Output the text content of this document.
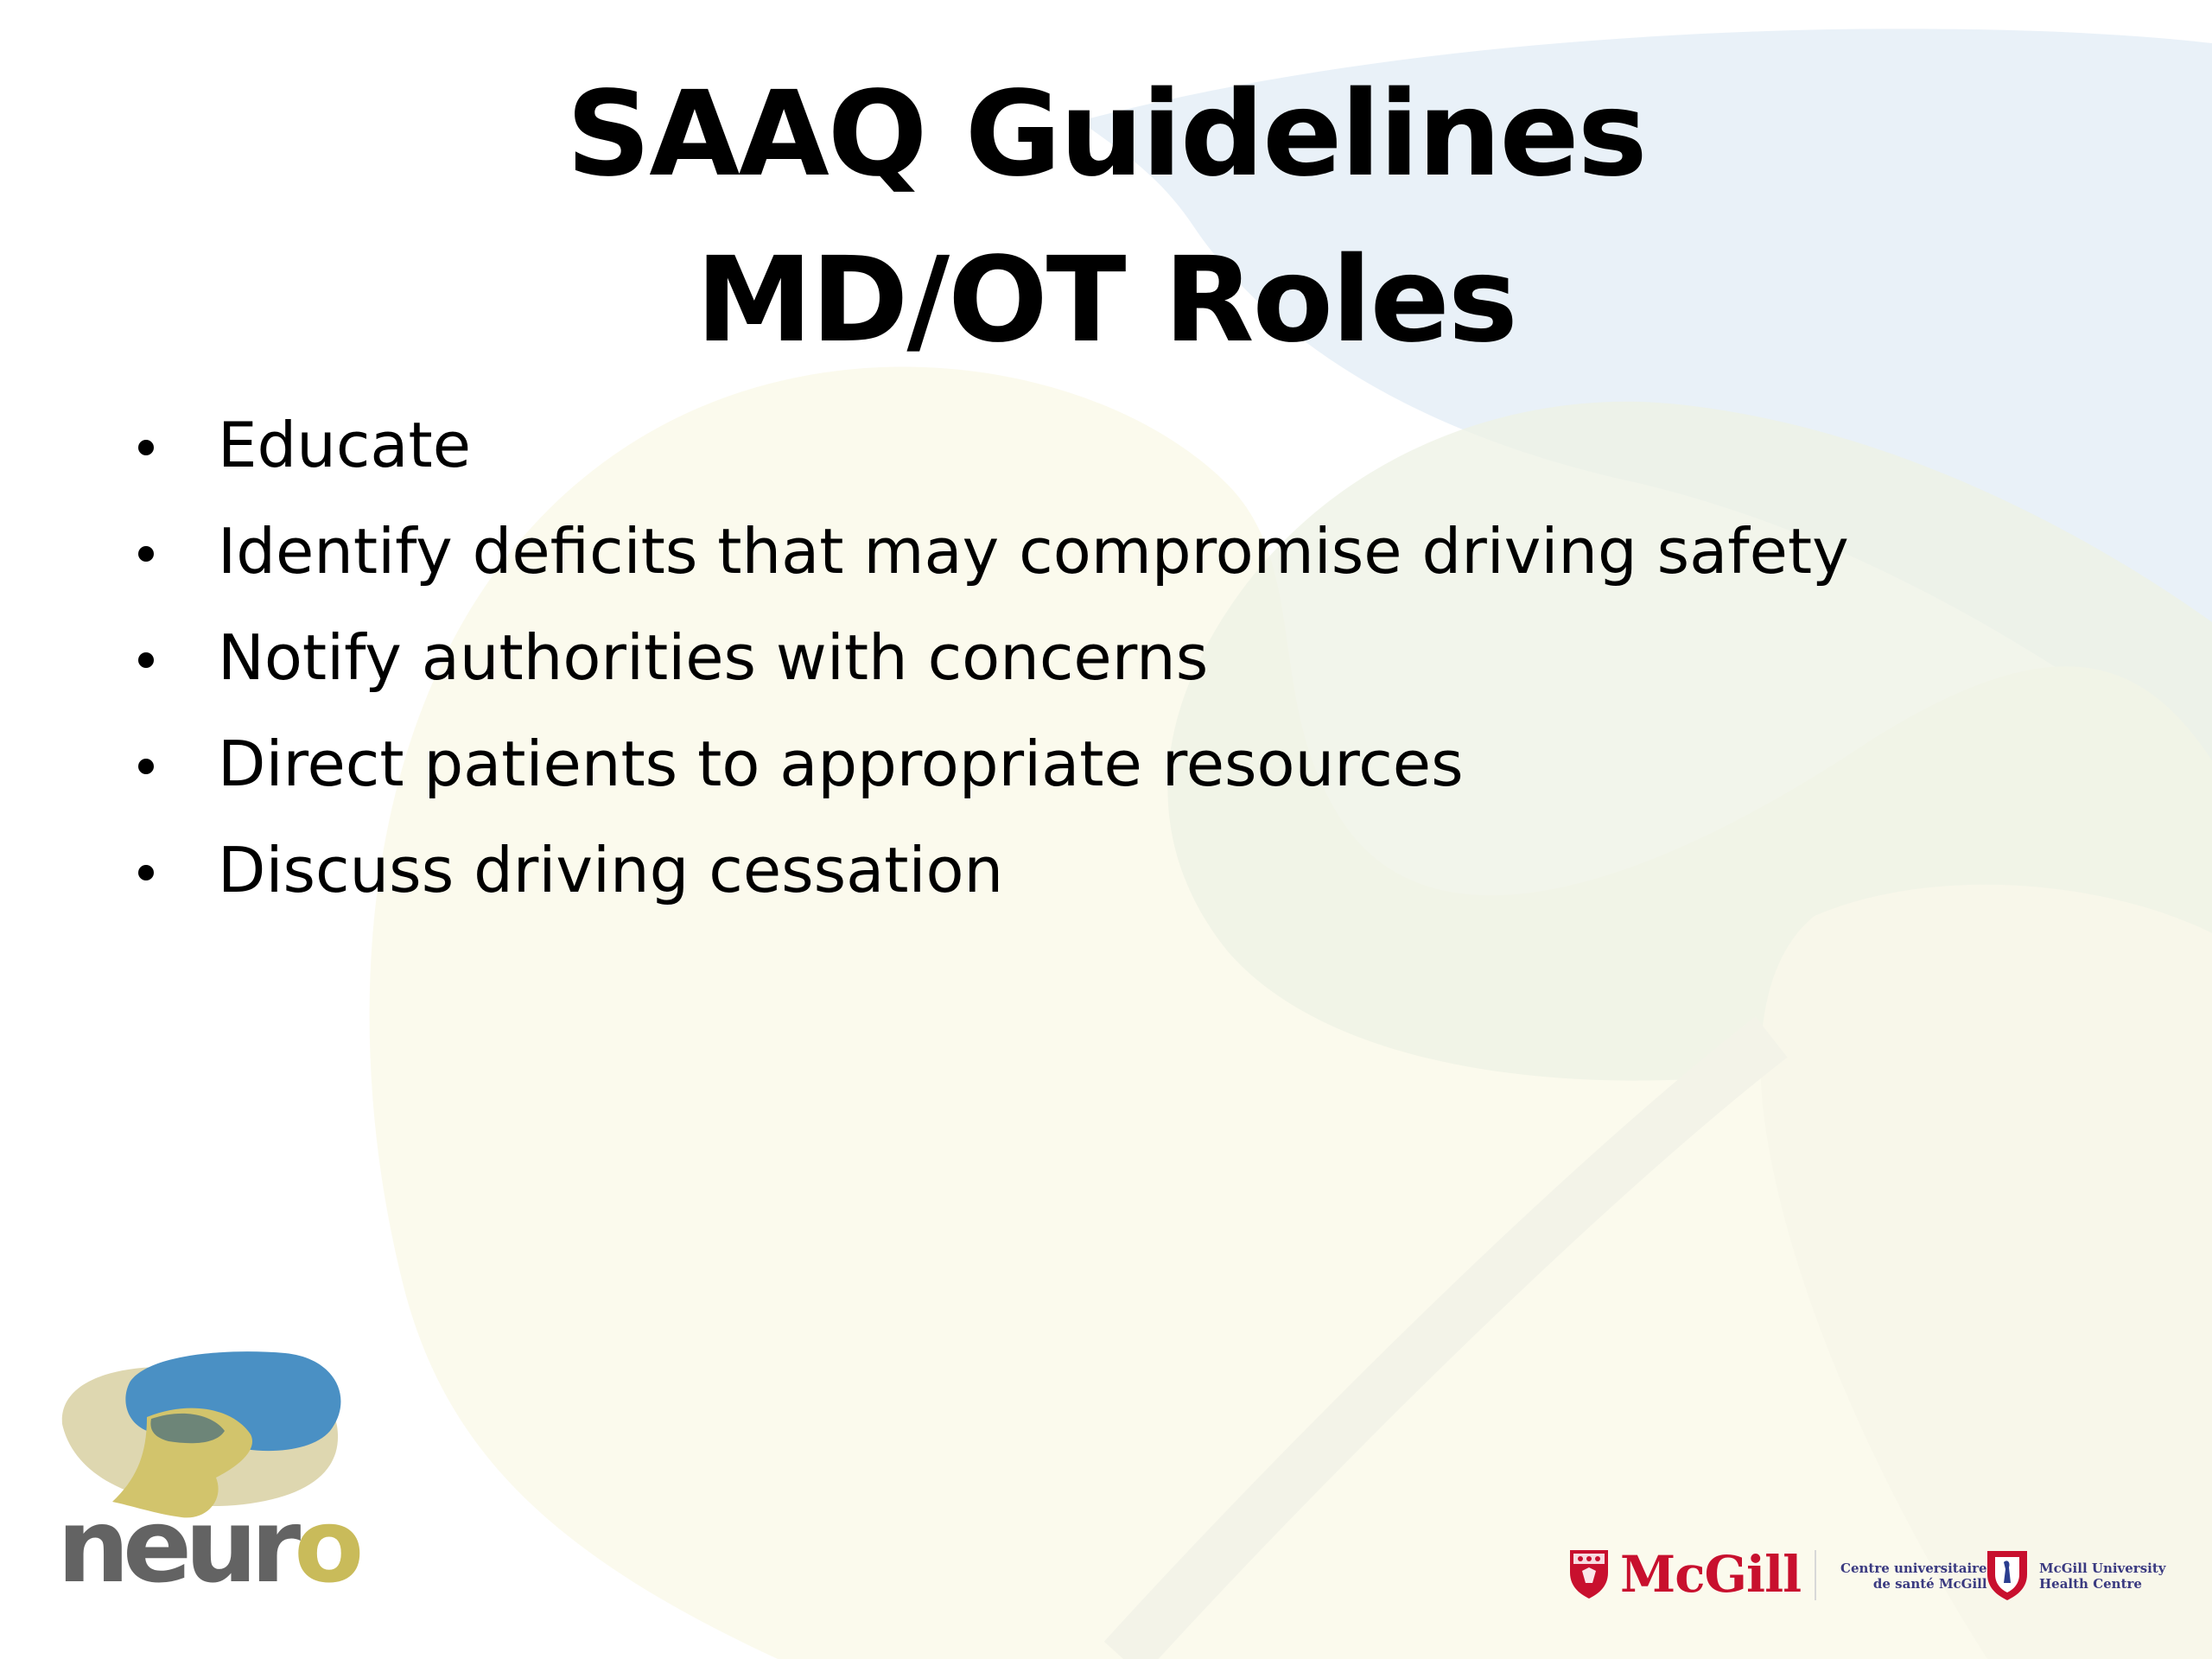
SAAQ Guidelines
MD/OT Roles
Educate
Identify deficits that may compromise driving safety
Notify authorities with concerns
Direct patients to appropriate resources
Discuss driving cessation
neuro	McGill	Centre universitaire
de santé McGill
McGill University
Health Centre
